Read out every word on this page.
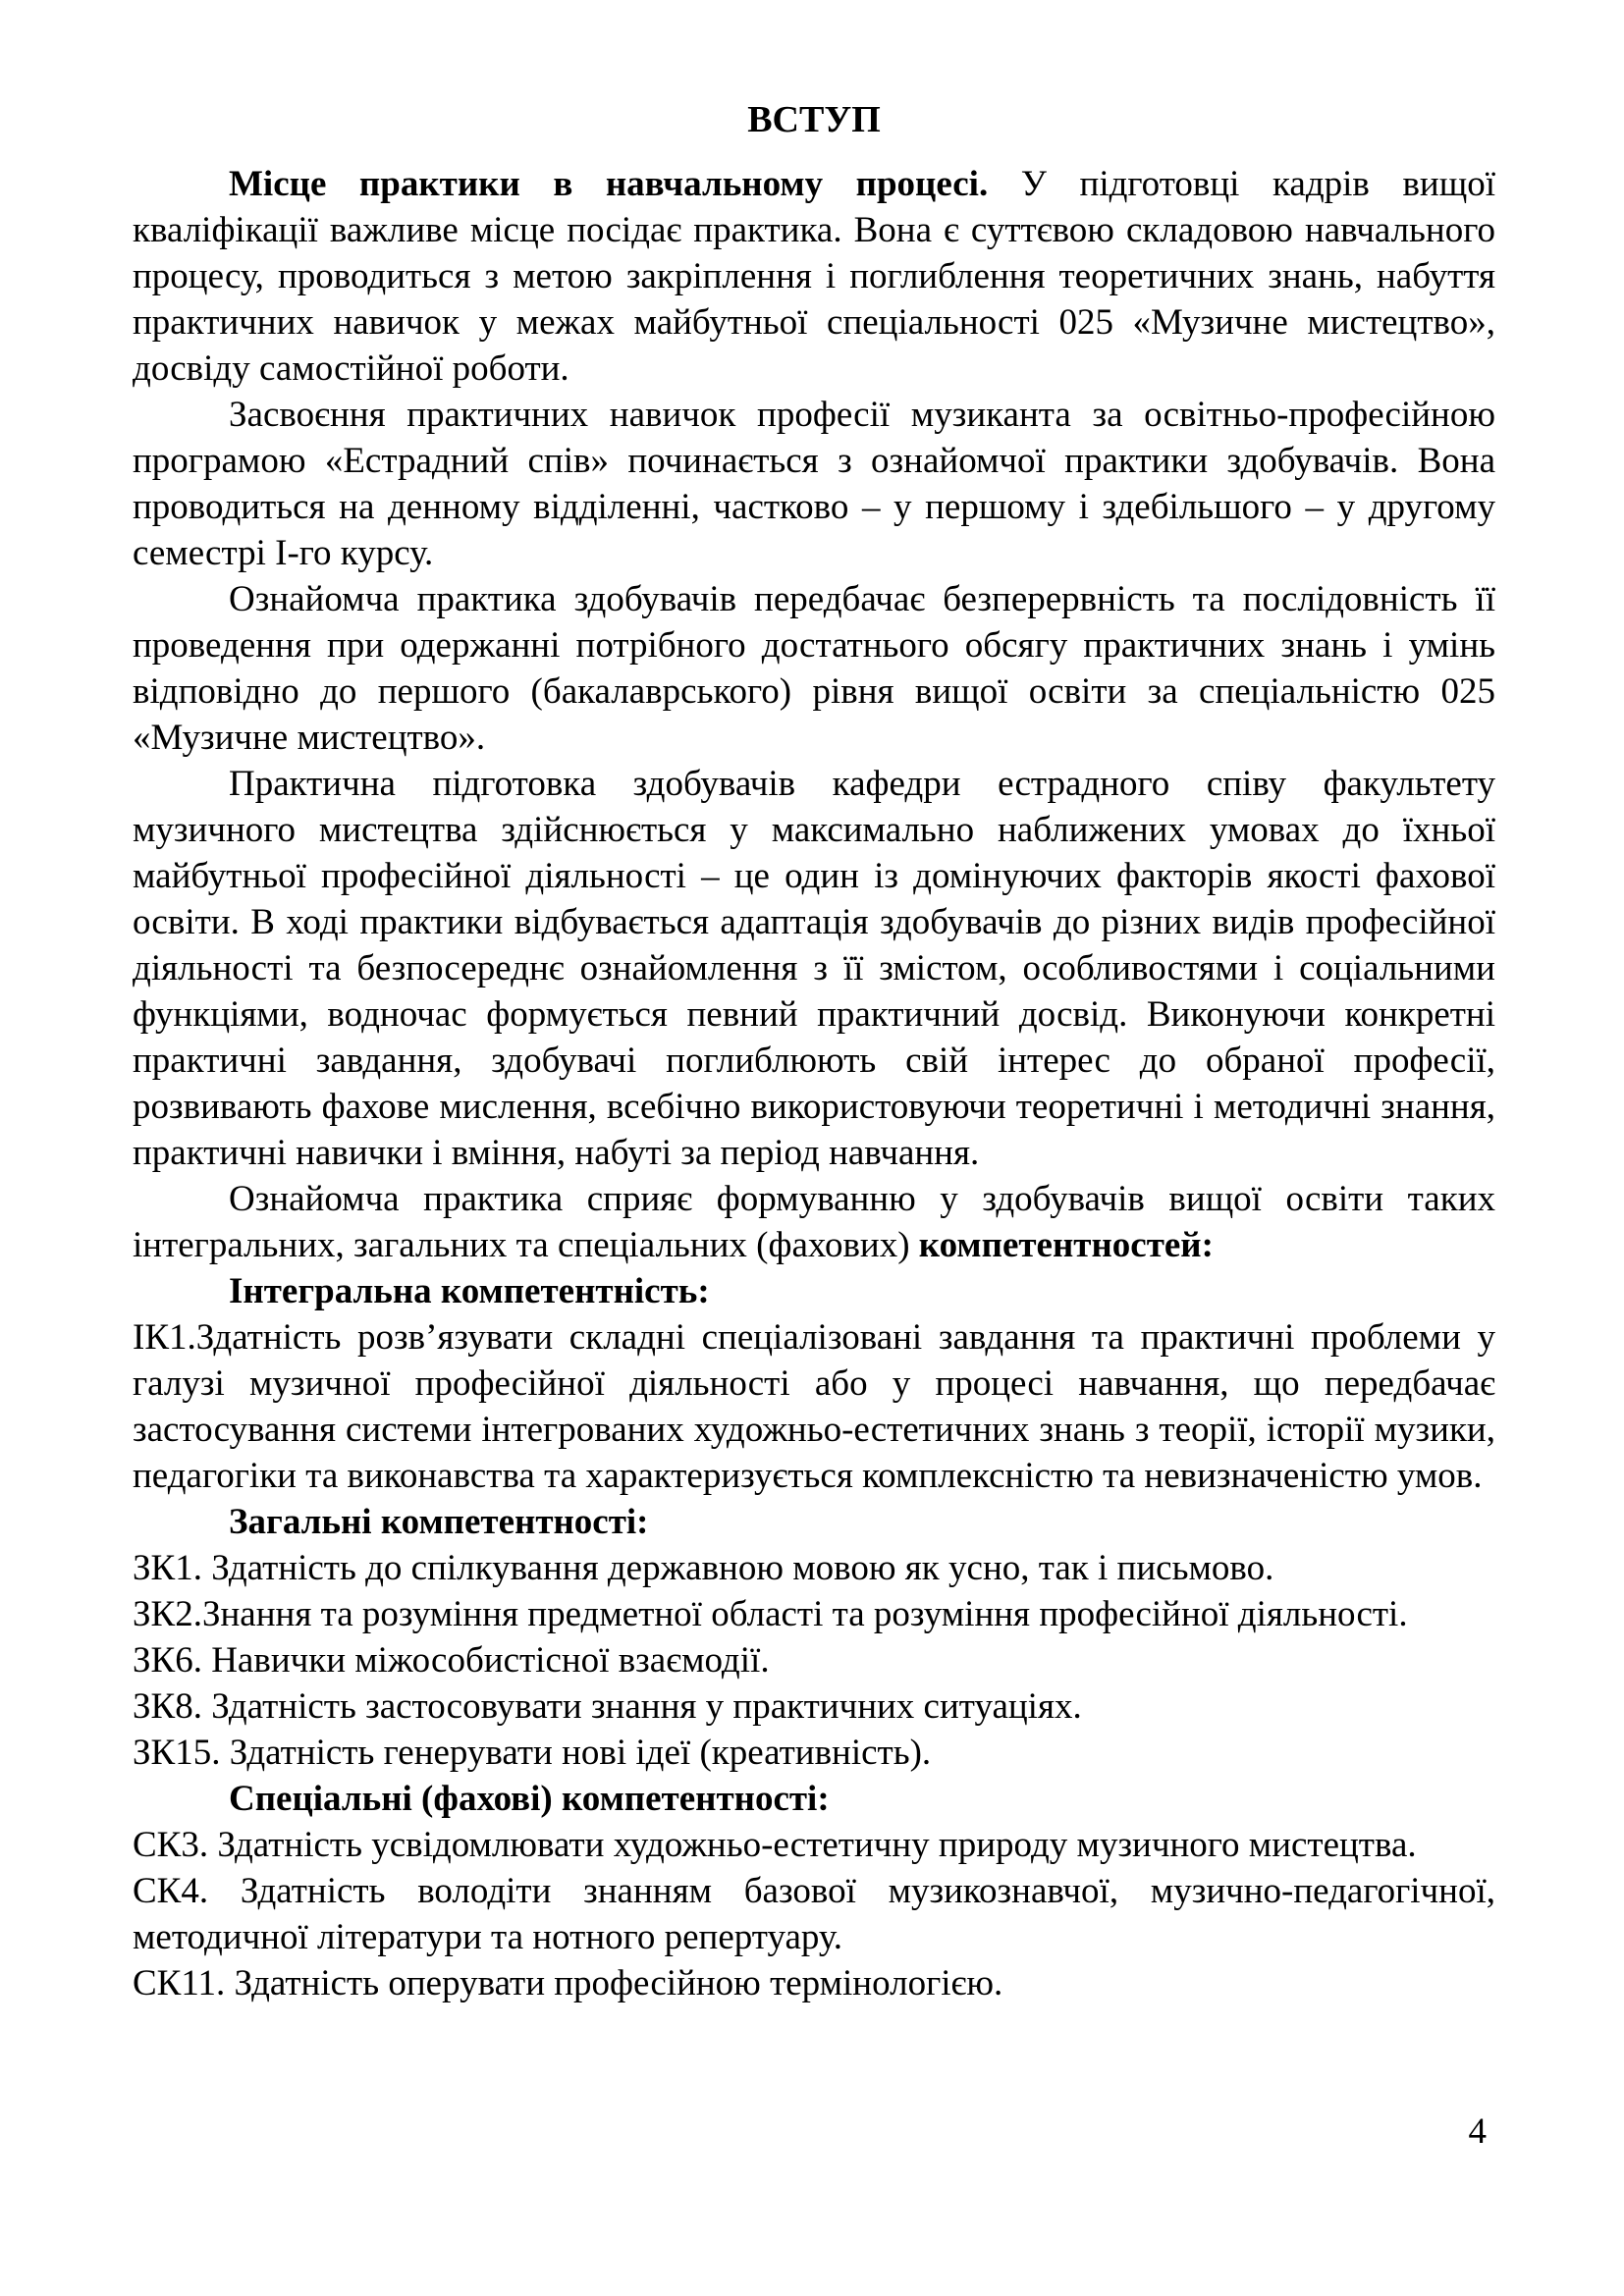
ВСТУП

Місце практики в навчальному процесі. У підготовці кадрів вищої кваліфікації важливе місце посідає практика. Вона є суттєвою складовою навчального процесу, проводиться з метою закріплення і поглиблення теоретичних знань, набуття практичних навичок у межах майбутньої спеціальності 025 «Музичне мистецтво», досвіду самостійної роботи.

Засвоєння практичних навичок професії музиканта за освітньо-професійною програмою «Естрадний спів» починається з ознайомчої практики здобувачів. Вона проводиться на денному відділенні, частково – у першому і здебільшого – у другому семестрі І-го курсу.

Ознайомча практика здобувачів передбачає безперервність та послідовність її проведення при одержанні потрібного достатнього обсягу практичних знань і умінь відповідно до першого (бакалаврського) рівня вищої освіти за спеціальністю 025 «Музичне мистецтво».

Практична підготовка здобувачів кафедри естрадного співу факультету музичного мистецтва здійснюється у максимально наближених умовах до їхньої майбутньої професійної діяльності – це один із домінуючих факторів якості фахової освіти. В ході практики відбувається адаптація здобувачів до різних видів професійної діяльності та безпосереднє ознайомлення з її змістом, особливостями і соціальними функціями, водночас формується певний практичний досвід. Виконуючи конкретні практичні завдання, здобувачі поглиблюють свій інтерес до обраної професії, розвивають фахове мислення, всебічно використовуючи теоретичні і методичні знання, практичні навички і вміння, набуті за період навчання.

Ознайомча практика сприяє формуванню у здобувачів вищої освіти таких інтегральних, загальних та спеціальних (фахових) компетентностей:

Інтегральна компетентність:

ІК1.Здатність розв’язувати складні спеціалізовані завдання та практичні проблеми у галузі музичної професійної діяльності або у процесі навчання, що передбачає застосування системи інтегрованих художньо-естетичних знань з теорії, історії музики, педагогіки та виконавства та характеризується комплексністю та невизначеністю умов.

Загальні компетентності:

ЗК1. Здатність до спілкування державною мовою як усно, так і письмово.

ЗК2.Знання та розуміння предметної області та розуміння професійної діяльності.

ЗК6. Навички міжособистісної взаємодії.

ЗК8. Здатність застосовувати знання у практичних ситуаціях.

ЗК15. Здатність генерувати нові ідеї (креативність).

Спеціальні (фахові) компетентності:

СК3. Здатність усвідомлювати художньо-естетичну природу музичного мистецтва.

СК4. Здатність володіти знанням базової музикознавчої, музично-педагогічної, методичної літератури та нотного репертуару.

СК11. Здатність оперувати професійною термінологією.

4
